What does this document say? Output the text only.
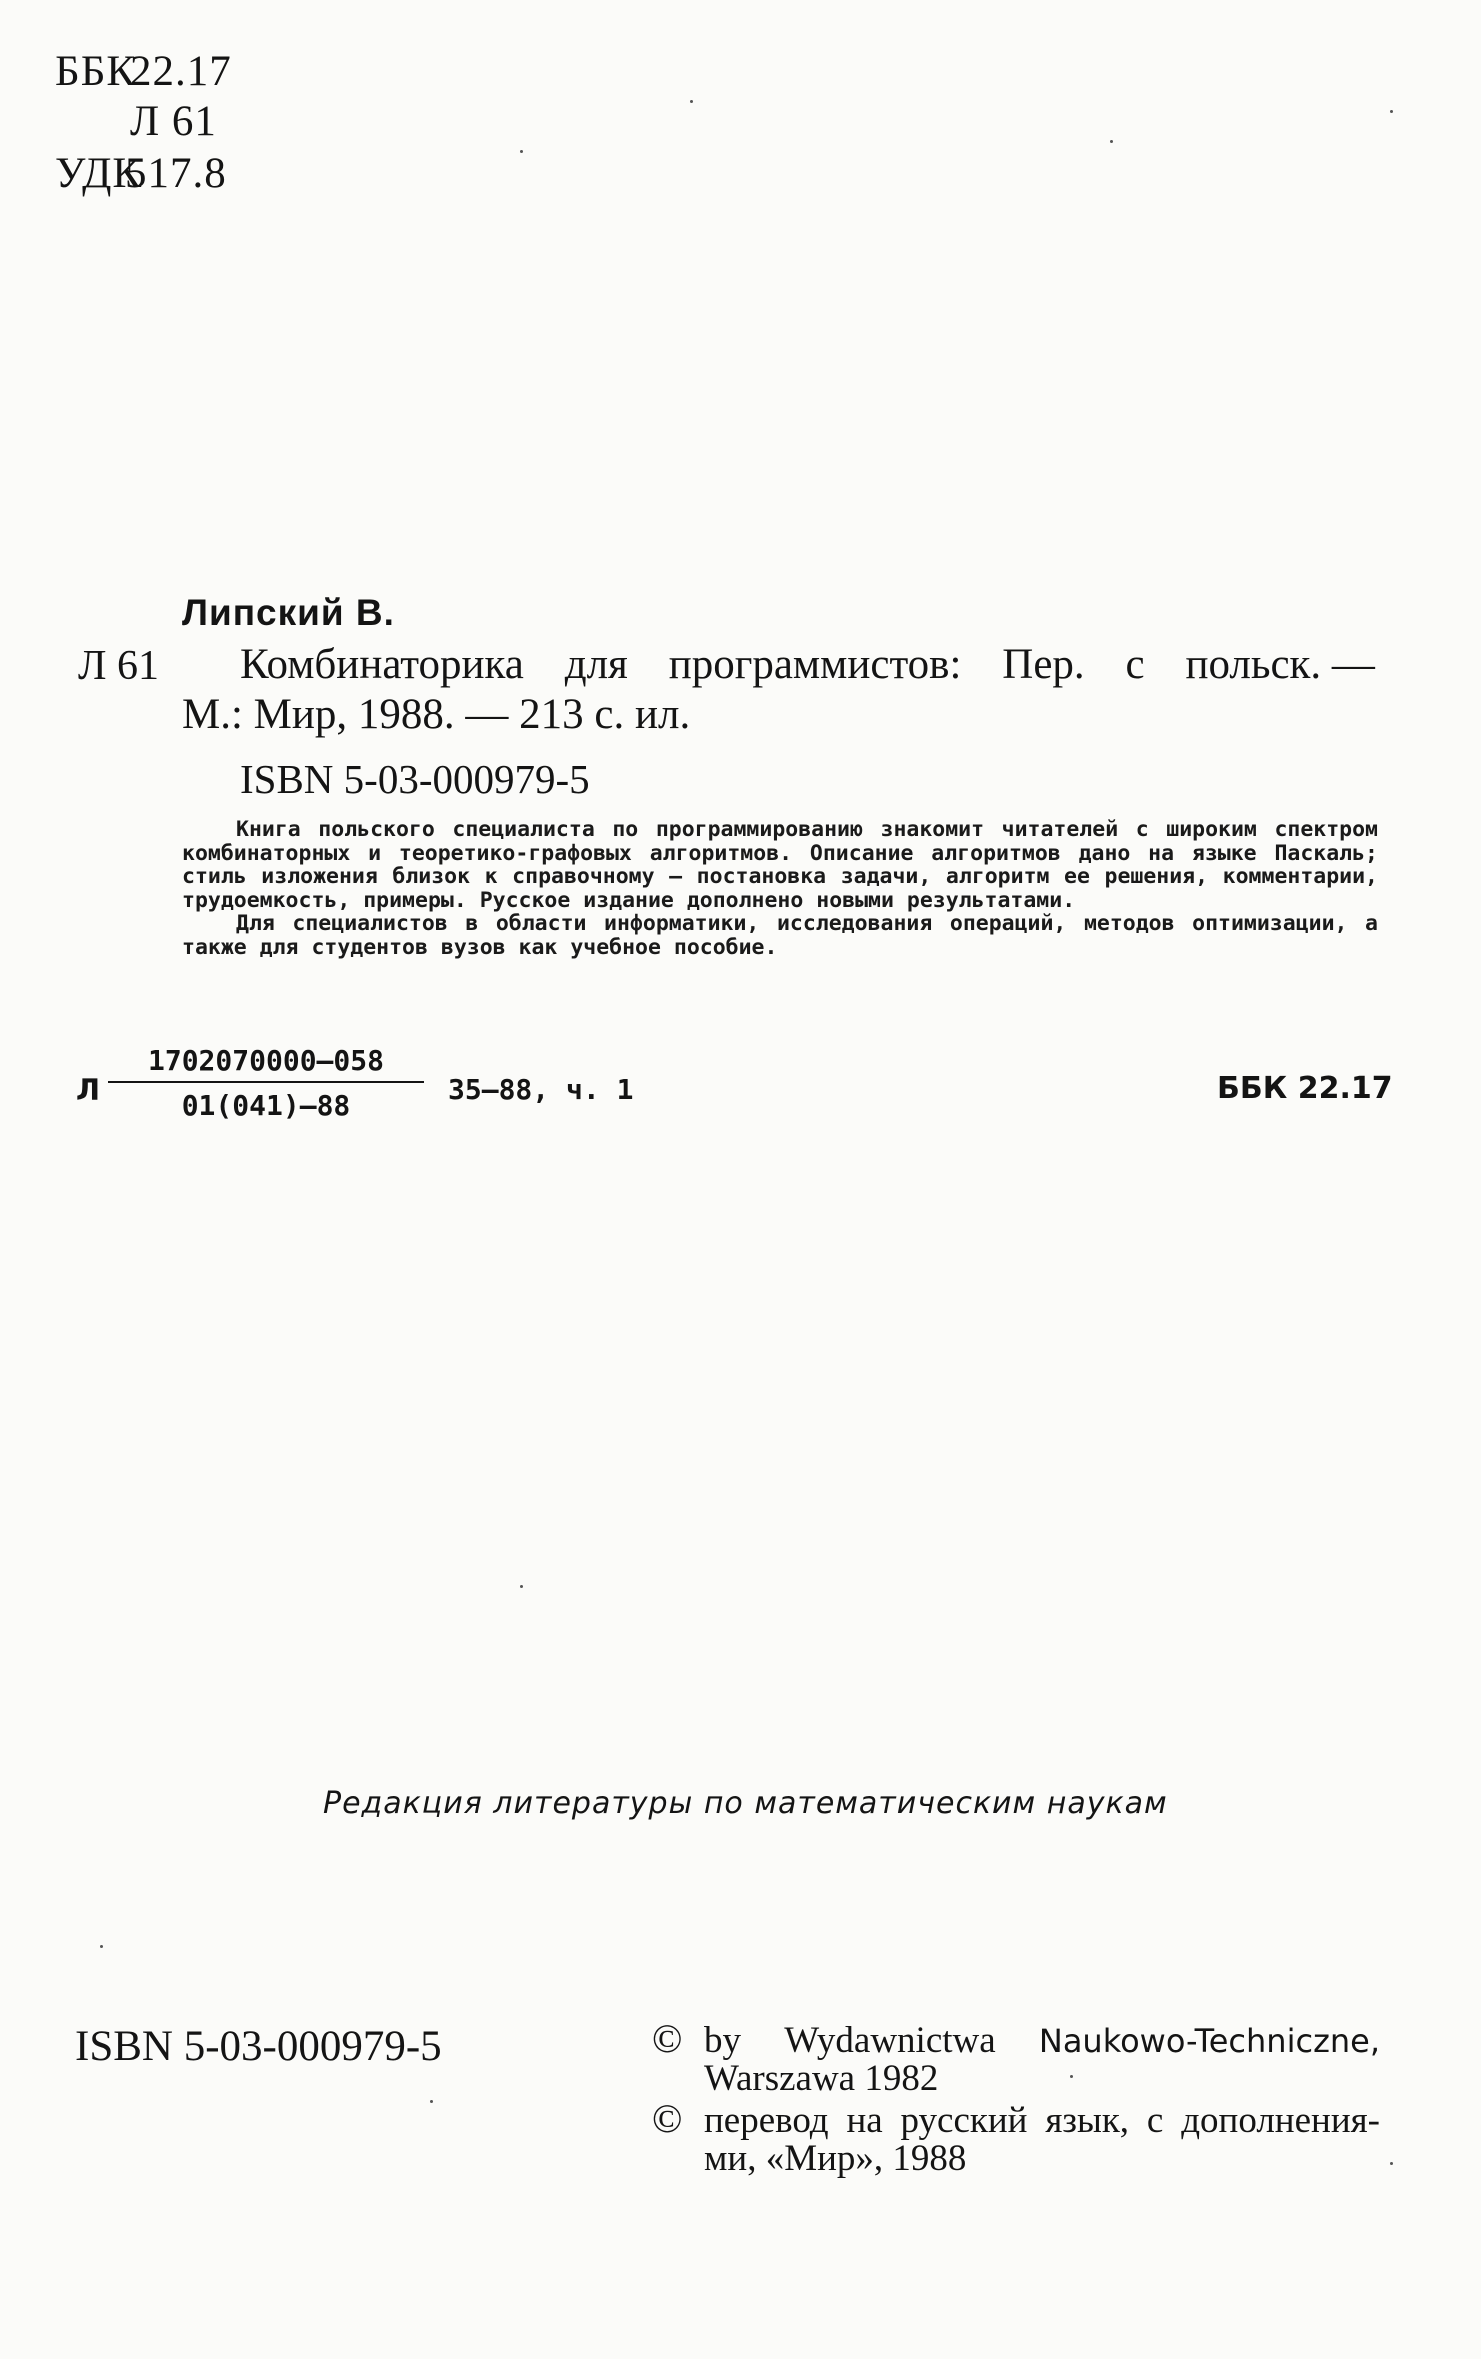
ББК
22.17
Л 61
УДК
517.8
Липский В.
Л 61 Комбинаторика для программистов: Пер. с польск. —
М.: Мир, 1988. — 213 с. ил.
ISBN 5-03-000979-5

Книга польского специалиста по программированию знакомит читателей с широким спектром комбинаторных и теоретико-графовых алгоритмов. Описание алгоритмов дано на языке Паскаль; стиль изложения близок к справочному — постановка задачи, алгоритм ее решения, комментарии, трудоемкость, примеры. Русское издание дополнено новыми результатами.

Для специалистов в области информатики, исследования операций, методов оптимизации, а также для студентов вузов как учебное пособие.

Л $\frac{1702070000—058}{01(041)—88}$ 35—88, ч. 1	ББК 22.17
Редакция литературы по математическим наукам
ISBN 5-03-000979-5	© by Wydawnictwa Naukowo-Techniczne,
Warszawa 1982
© перевод на русский язык, с дополнения-
ми, «Мир», 1988
